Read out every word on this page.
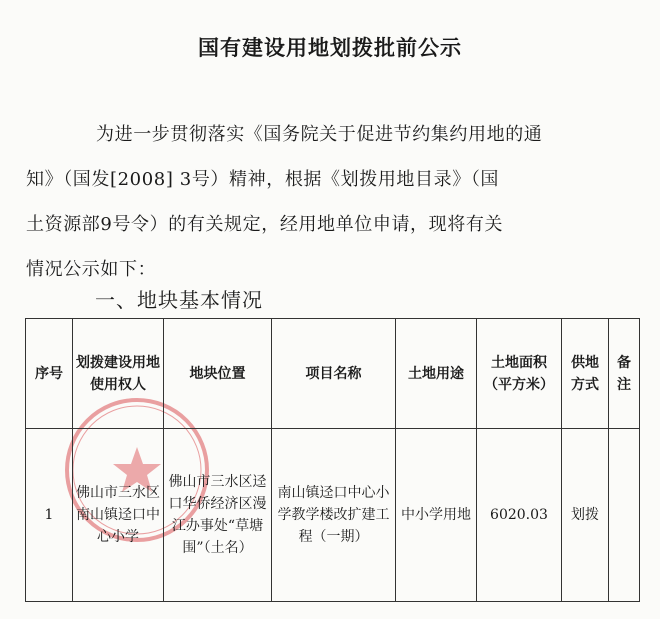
国有建设用地划拨批前公示
为进一步贯彻落实《国务院关于促进节约集约用地的通
知》（国发[2008] 3号）精神，根据《划拨用地目录》（国
土资源部9号令）的有关规定，经用地单位申请，现将有关
情况公示如下：
一、地块基本情况
序号	划拨建设用地使用权人	地块位置	项目名称	土地用途	土地面积（平方米）	供地方式	备注
1	佛山市三水区南山镇迳口中心小学	佛山市三水区迳口华侨经济区漫江办事处“草塘围”（土名）	南山镇迳口中心小学教学楼改扩建工程（一期）	中小学用地	6020.03	划拨	
